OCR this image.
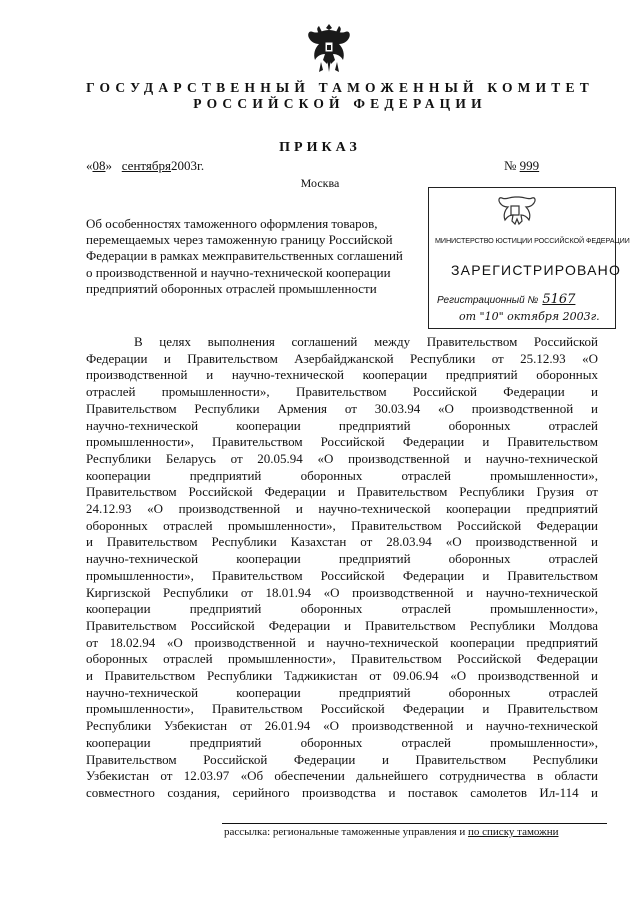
ГОСУДАРСТВЕННЫЙ ТАМОЖЕННЫЙ КОМИТЕТ
РОССИЙСКОЙ ФЕДЕРАЦИИ
ПРИКАЗ
«08» сентября2003г.	№ 999
Москва
Об особенностях таможенного оформления товаров,
перемещаемых через таможенную границу Российской
Федерации в рамках межправительственных соглашений
о производственной и научно-технической кооперации
предприятий оборонных отраслей промышленности
МИНИСТЕРСТВО ЮСТИЦИИ РОССИЙСКОЙ ФЕДЕРАЦИИ
ЗАРЕГИСТРИРОВАНО
Регистрационный № 5167
от "10" октября 2003г.
В целях выполнения соглашений между Правительством Российской
Федерации и Правительством Азербайджанской Республики от 25.12.93 «О
производственной и научно-технической кооперации предприятий оборонных
отраслей промышленности», Правительством Российской Федерации и
Правительством Республики Армения от 30.03.94 «О производственной и
научно-технической кооперации предприятий оборонных отраслей
промышленности», Правительством Российской Федерации и Правительством
Республики Беларусь от 20.05.94 «О производственной и научно-технической
кооперации предприятий оборонных отраслей промышленности»,
Правительством Российской Федерации и Правительством Республики Грузия от
24.12.93 «О производственной и научно-технической кооперации предприятий
оборонных отраслей промышленности», Правительством Российской Федерации
и Правительством Республики Казахстан от 28.03.94 «О производственной и
научно-технической кооперации предприятий оборонных отраслей
промышленности», Правительством Российской Федерации и Правительством
Киргизской Республики от 18.01.94 «О производственной и научно-технической
кооперации предприятий оборонных отраслей промышленности»,
Правительством Российской Федерации и Правительством Республики Молдова
от 18.02.94 «О производственной и научно-технической кооперации предприятий
оборонных отраслей промышленности», Правительством Российской Федерации
и Правительством Республики Таджикистан от 09.06.94 «О производственной и
научно-технической кооперации предприятий оборонных отраслей
промышленности», Правительством Российской Федерации и Правительством
Республики Узбекистан от 26.01.94 «О производственной и научно-технической
кооперации предприятий оборонных отраслей промышленности»,
Правительством Российской Федерации и Правительством Республики
Узбекистан от 12.03.97 «Об обеспечении дальнейшего сотрудничества в области
совместного создания, серийного производства и поставок самолетов Ил-114 и
рассылка: региональные таможенные управления и по списку таможни
